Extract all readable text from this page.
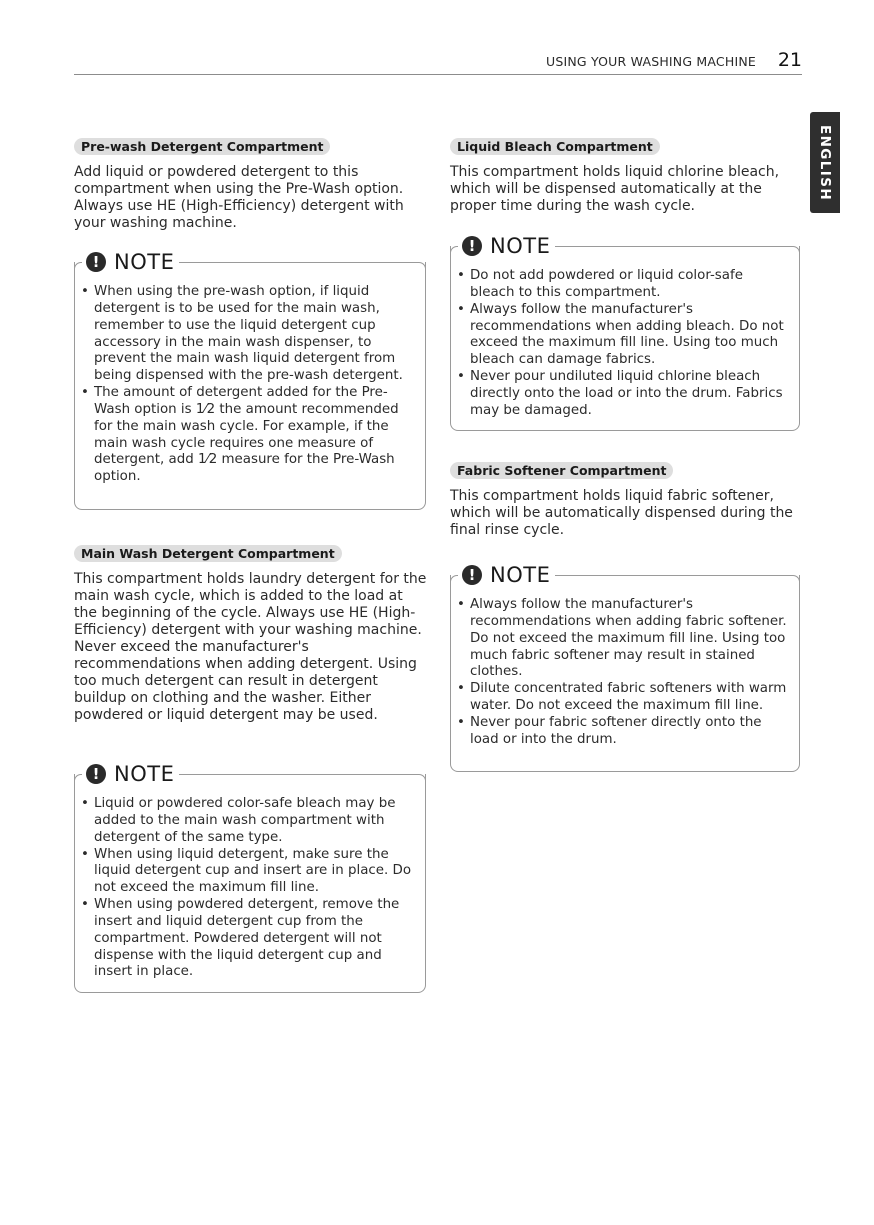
USING YOUR WASHING MACHINE 21
ENGLISH
Pre-wash Detergent Compartment

Add liquid or powdered detergent to this compartment when using the Pre-Wash option. Always use HE (High-Efficiency) detergent with your washing machine.

! NOTE
• When using the pre-wash option, if liquid detergent is to be used for the main wash, remember to use the liquid detergent cup accessory in the main wash dispenser, to prevent the main wash liquid detergent from being dispensed with the pre-wash detergent.
• The amount of detergent added for the Pre-Wash option is 1⁄2 the amount recommended for the main wash cycle. For example, if the main wash cycle requires one measure of detergent, add 1⁄2 measure for the Pre-Wash option.
Main Wash Detergent Compartment

This compartment holds laundry detergent for the main wash cycle, which is added to the load at the beginning of the cycle. Always use HE (High-Efficiency) detergent with your washing machine. Never exceed the manufacturer's recommendations when adding detergent. Using too much detergent can result in detergent buildup on clothing and the washer. Either powdered or liquid detergent may be used.

! NOTE
• Liquid or powdered color-safe bleach may be added to the main wash compartment with detergent of the same type.
• When using liquid detergent, make sure the liquid detergent cup and insert are in place. Do not exceed the maximum fill line.
• When using powdered detergent, remove the insert and liquid detergent cup from the compartment. Powdered detergent will not dispense with the liquid detergent cup and insert in place.
Liquid Bleach Compartment

This compartment holds liquid chlorine bleach, which will be dispensed automatically at the proper time during the wash cycle.

! NOTE
• Do not add powdered or liquid color-safe bleach to this compartment.
• Always follow the manufacturer's recommendations when adding bleach. Do not exceed the maximum fill line. Using too much bleach can damage fabrics.
• Never pour undiluted liquid chlorine bleach directly onto the load or into the drum. Fabrics may be damaged.
Fabric Softener Compartment

This compartment holds liquid fabric softener, which will be automatically dispensed during the final rinse cycle.

! NOTE
• Always follow the manufacturer's recommendations when adding fabric softener. Do not exceed the maximum fill line. Using too much fabric softener may result in stained clothes.
• Dilute concentrated fabric softeners with warm water. Do not exceed the maximum fill line.
• Never pour fabric softener directly onto the load or into the drum.
